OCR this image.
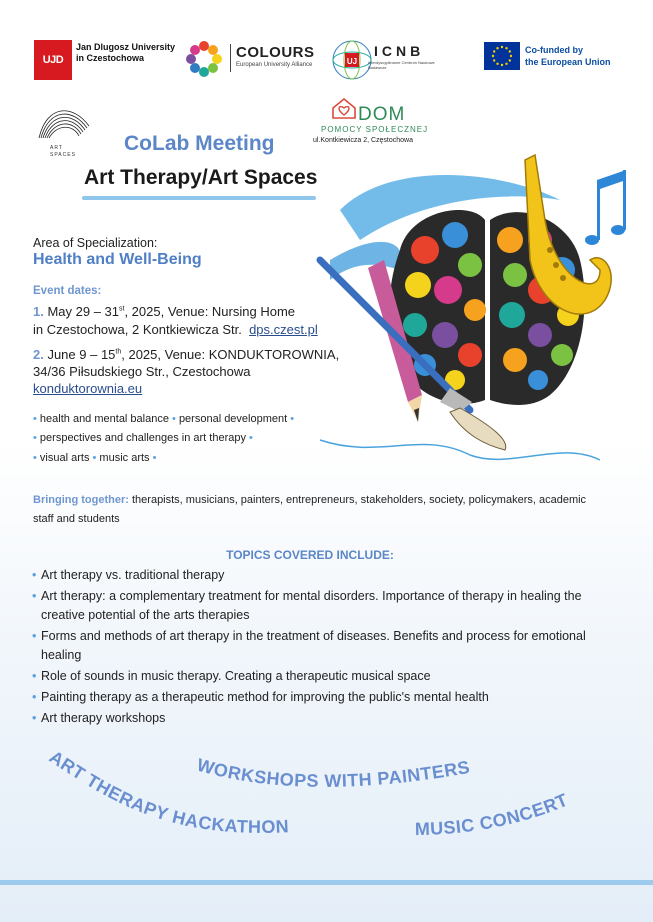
UJD
Jan Dlugosz University
in Czestochowa	COLOURS
European University Alliance	UJ
ICNB
Interdyscyplinarne Centrum Naukowe Badawcze
Co-funded by
the European Union
ART SPACES
DOM
POMOCY SPOŁECZNEJ
ul.Kontkiewicza 2, Częstochowa
CoLab Meeting
Art Therapy/Art Spaces
Area of Specialization:
Health and Well-Being
Event dates:
1. May 29 – 31st, 2025, Venue: Nursing Home
in Czestochowa, 2 Kontkiewicza Str. dps.czest.pl
2. June 9 – 15th, 2025, Venue: KONDUKTOROWNIA,
34/36 Piłsudskiego Str., Czestochowa
konduktorownia.eu
• health and mental balance • personal development •
• perspectives and challenges in art therapy •
• visual arts • music arts •
Bringing together: therapists, musicians, painters, entrepreneurs, stakeholders, society, policymakers, academic staff and students
TOPICS COVERED INCLUDE:
• Art therapy vs. traditional therapy
• Art therapy: a complementary treatment for mental disorders. Importance of therapy in healing the creative potential of the arts therapies
• Forms and methods of art therapy in the treatment of diseases. Benefits and process for emotional healing
• Role of sounds in music therapy. Creating a therapeutic musical space
• Painting therapy as a therapeutic method for improving the public's mental health
• Art therapy workshops
ART THERAPY HACKATHON
WORKSHOPS WITH PAINTERS
MUSIC CONCERT
